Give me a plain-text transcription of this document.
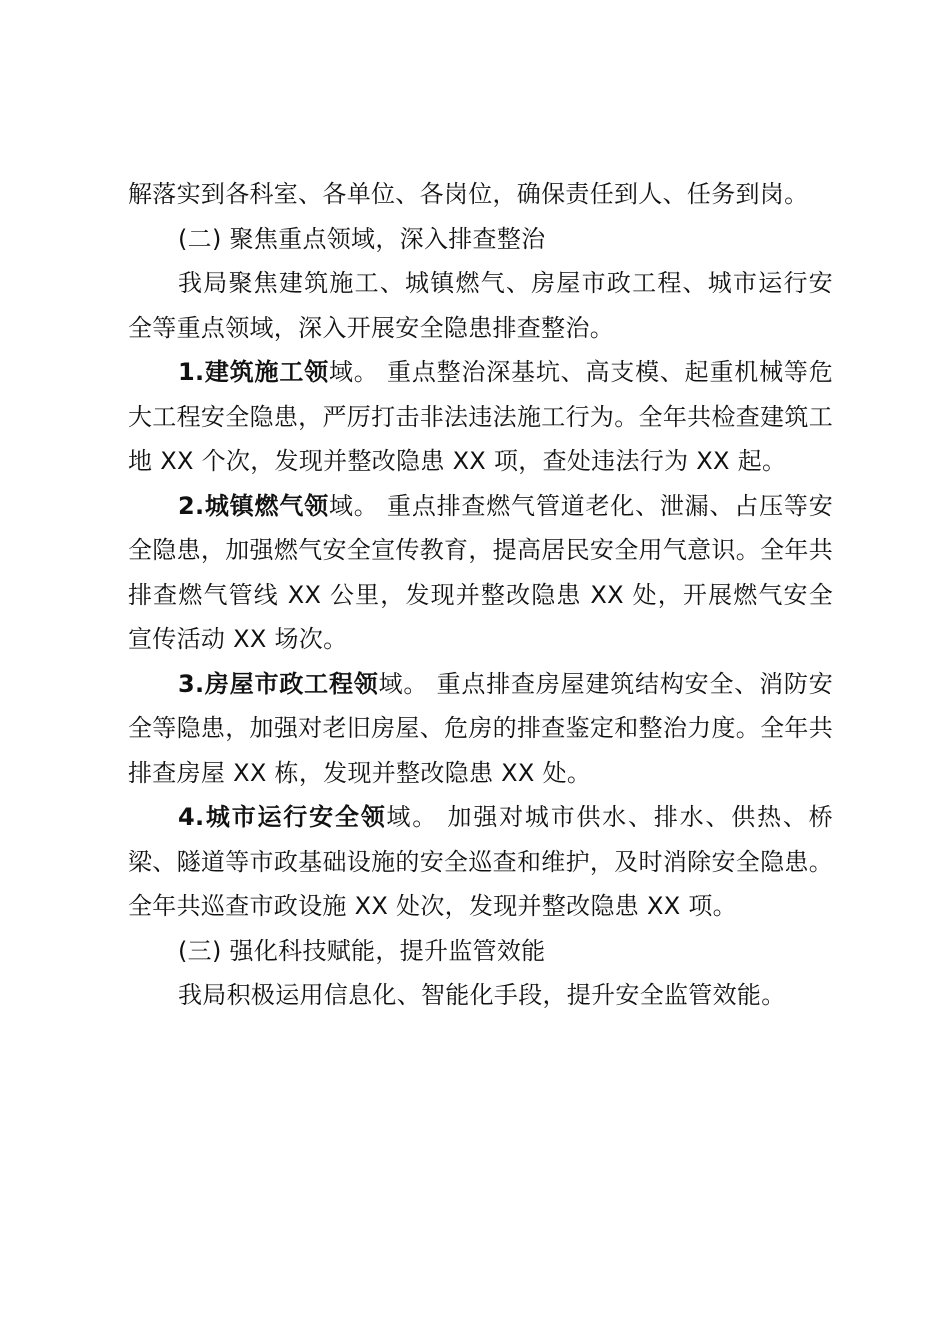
解落实到各科室、各单位、各岗位，确保责任到人、任务到岗。

(二) 聚焦重点领域，深入排查整治

我局聚焦建筑施工、城镇燃气、房屋市政工程、城市运行安全等重点领域，深入开展安全隐患排查整治。

1.建筑施工领域。 重点整治深基坑、高支模、起重机械等危大工程安全隐患，严厉打击非法违法施工行为。全年共检查建筑工地 XX 个次，发现并整改隐患 XX 项，查处违法行为 XX 起。

2.城镇燃气领域。 重点排查燃气管道老化、泄漏、占压等安全隐患，加强燃气安全宣传教育，提高居民安全用气意识。全年共排查燃气管线 XX 公里，发现并整改隐患 XX 处，开展燃气安全宣传活动 XX 场次。

3.房屋市政工程领域。 重点排查房屋建筑结构安全、消防安全等隐患，加强对老旧房屋、危房的排查鉴定和整治力度。全年共排查房屋 XX 栋，发现并整改隐患 XX 处。

4.城市运行安全领域。 加强对城市供水、排水、供热、桥梁、隧道等市政基础设施的安全巡查和维护，及时消除安全隐患。全年共巡查市政设施 XX 处次，发现并整改隐患 XX 项。

(三) 强化科技赋能，提升监管效能

我局积极运用信息化、智能化手段，提升安全监管效能。
